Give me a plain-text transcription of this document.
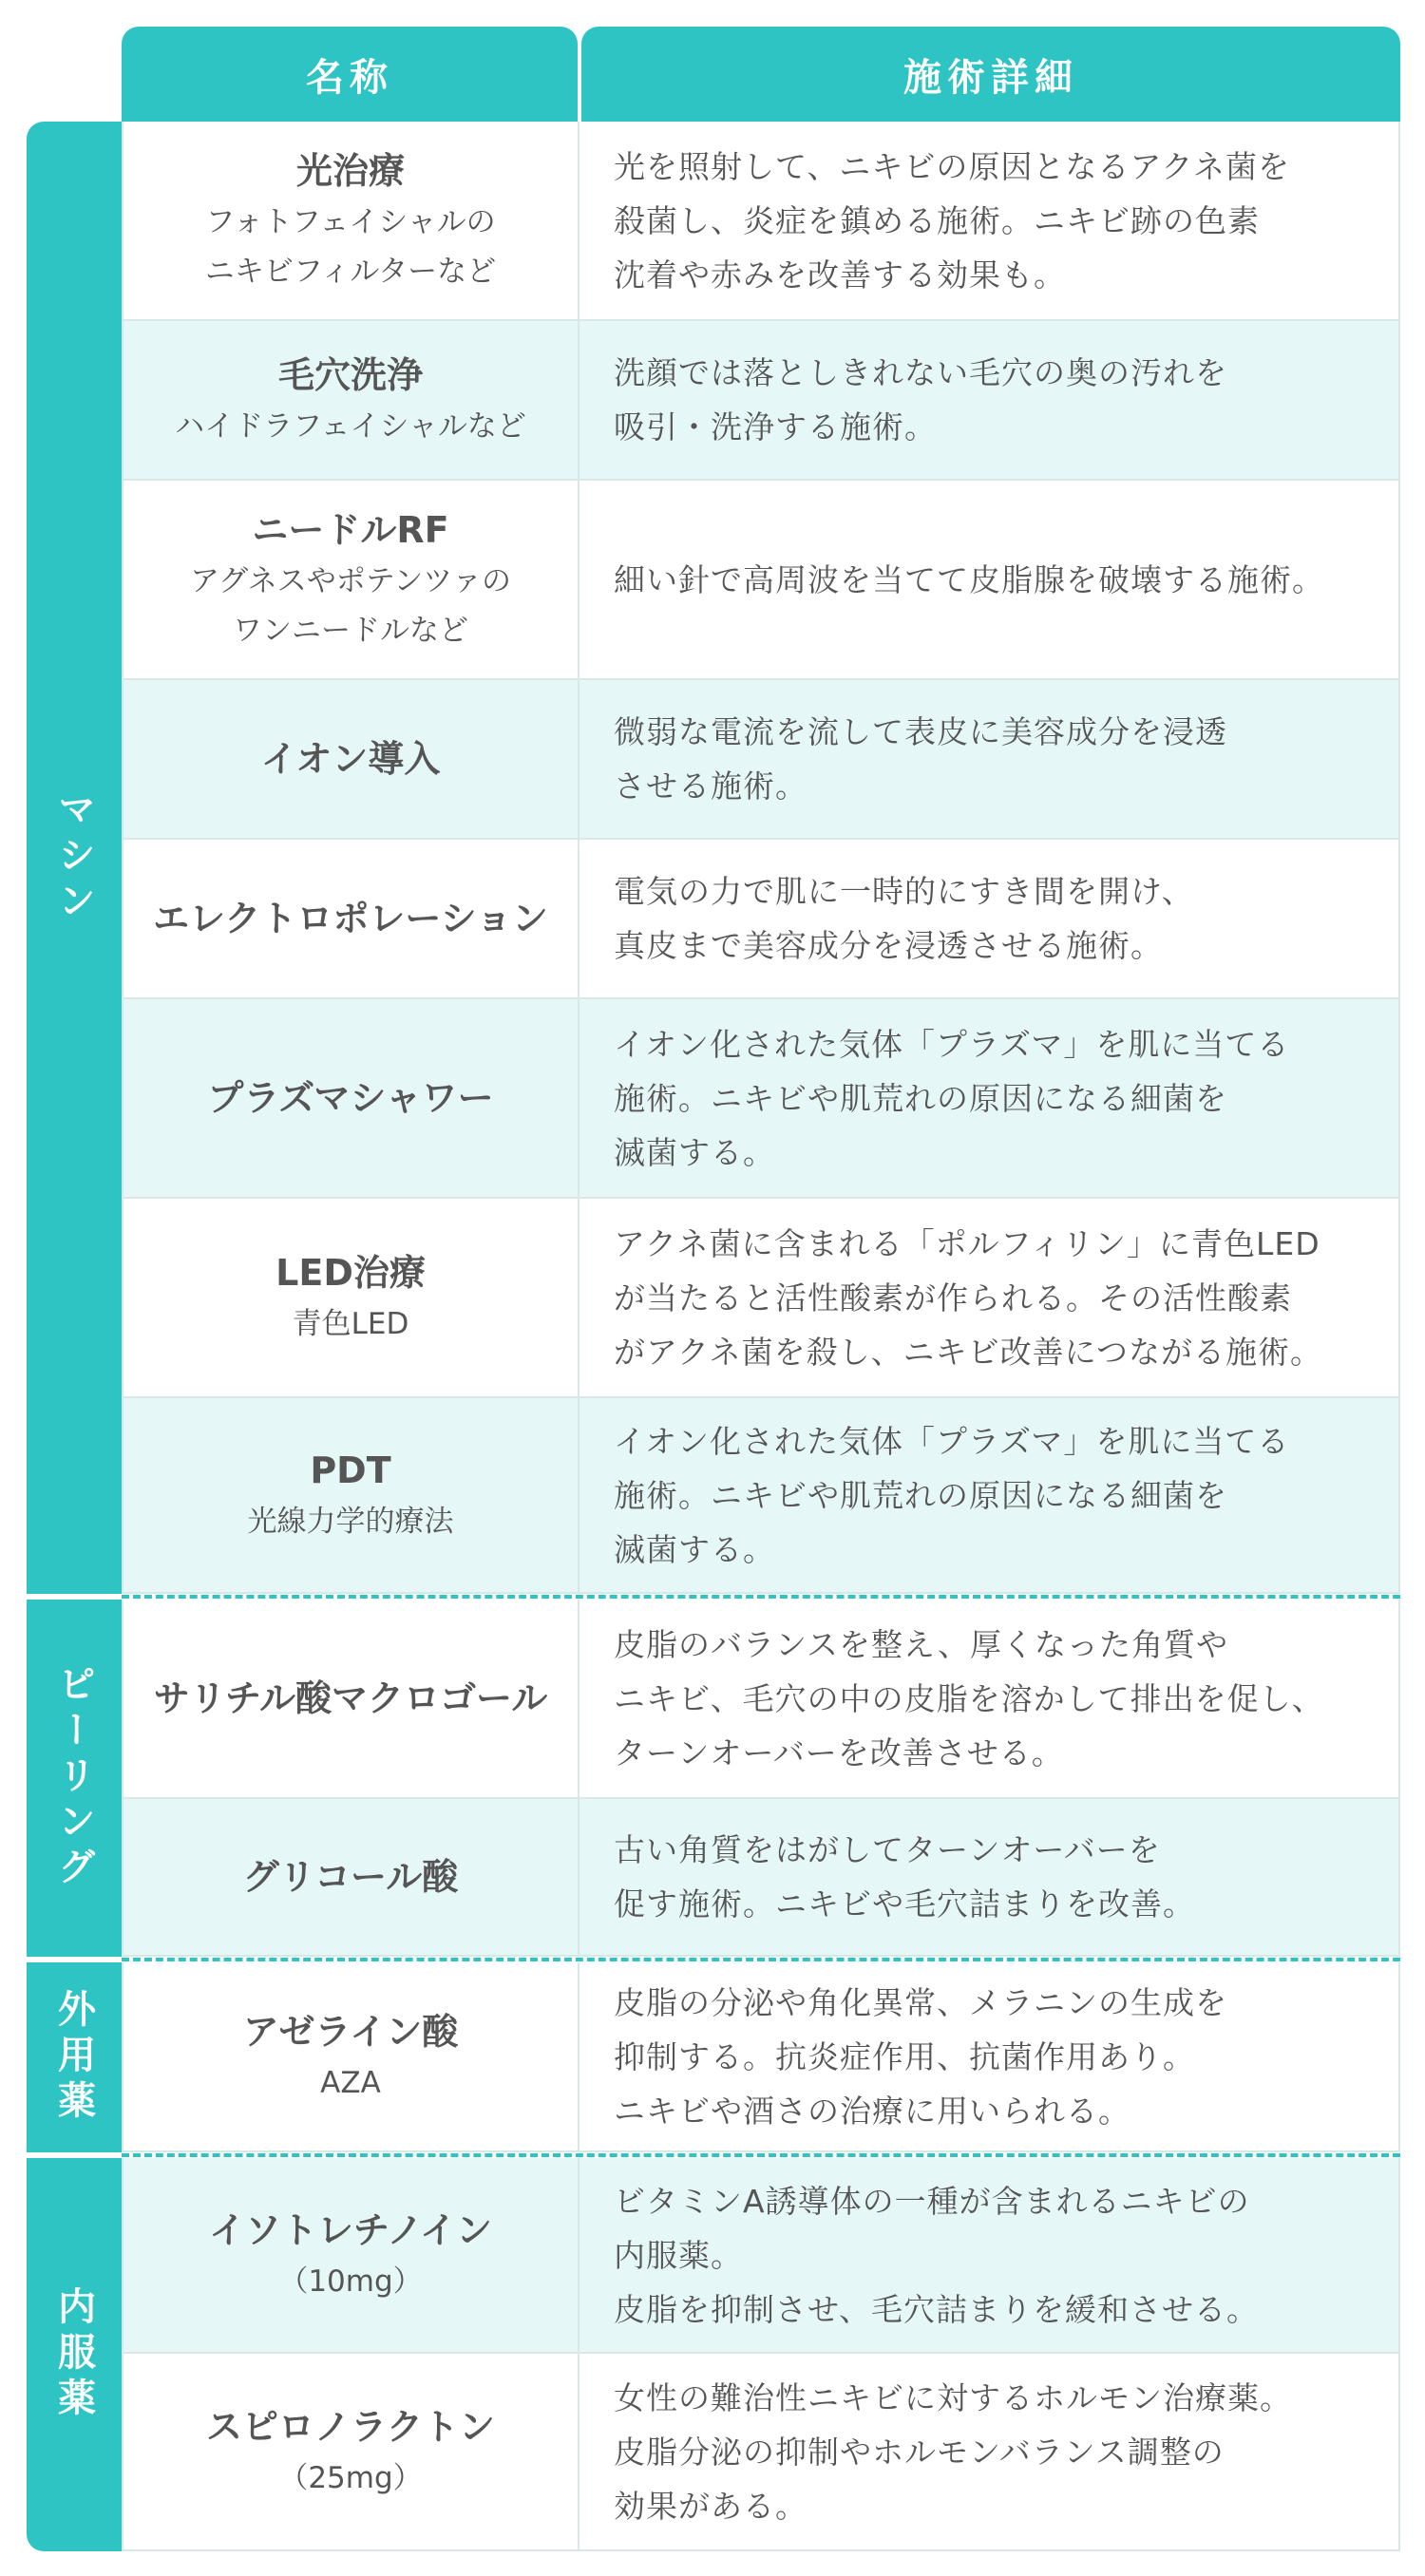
名称	施術詳細
マシン
ピーリング
外用薬
内服薬
光治療
フォトフェイシャルの
ニキビフィルターなど
光を照射して、ニキビの原因となるアクネ菌を
殺菌し、炎症を鎮める施術。ニキビ跡の色素
沈着や赤みを改善する効果も。
毛穴洗浄
ハイドラフェイシャルなど
洗顔では落としきれない毛穴の奥の汚れを
吸引・洗浄する施術。
ニードルRF
アグネスやポテンツァの
ワンニードルなど
細い針で高周波を当てて皮脂腺を破壊する施術。
イオン導入
微弱な電流を流して表皮に美容成分を浸透
させる施術。
エレクトロポレーション
電気の力で肌に一時的にすき間を開け、
真皮まで美容成分を浸透させる施術。
プラズマシャワー
イオン化された気体「プラズマ」を肌に当てる
施術。ニキビや肌荒れの原因になる細菌を
滅菌する。
LED治療
青色LED
アクネ菌に含まれる「ポルフィリン」に青色LED
が当たると活性酸素が作られる。その活性酸素
がアクネ菌を殺し、ニキビ改善につながる施術。
PDT
光線力学的療法
イオン化された気体「プラズマ」を肌に当てる
施術。ニキビや肌荒れの原因になる細菌を
滅菌する。
サリチル酸マクロゴール
皮脂のバランスを整え、厚くなった角質や
ニキビ、毛穴の中の皮脂を溶かして排出を促し、
ターンオーバーを改善させる。
グリコール酸
古い角質をはがしてターンオーバーを
促す施術。ニキビや毛穴詰まりを改善。
アゼライン酸
AZA
皮脂の分泌や角化異常、メラニンの生成を
抑制する。抗炎症作用、抗菌作用あり。
ニキビや酒さの治療に用いられる。
イソトレチノイン
（10mg）
ビタミンA誘導体の一種が含まれるニキビの
内服薬。
皮脂を抑制させ、毛穴詰まりを緩和させる。
スピロノラクトン
（25mg）
女性の難治性ニキビに対するホルモン治療薬。
皮脂分泌の抑制やホルモンバランス調整の
効果がある。
